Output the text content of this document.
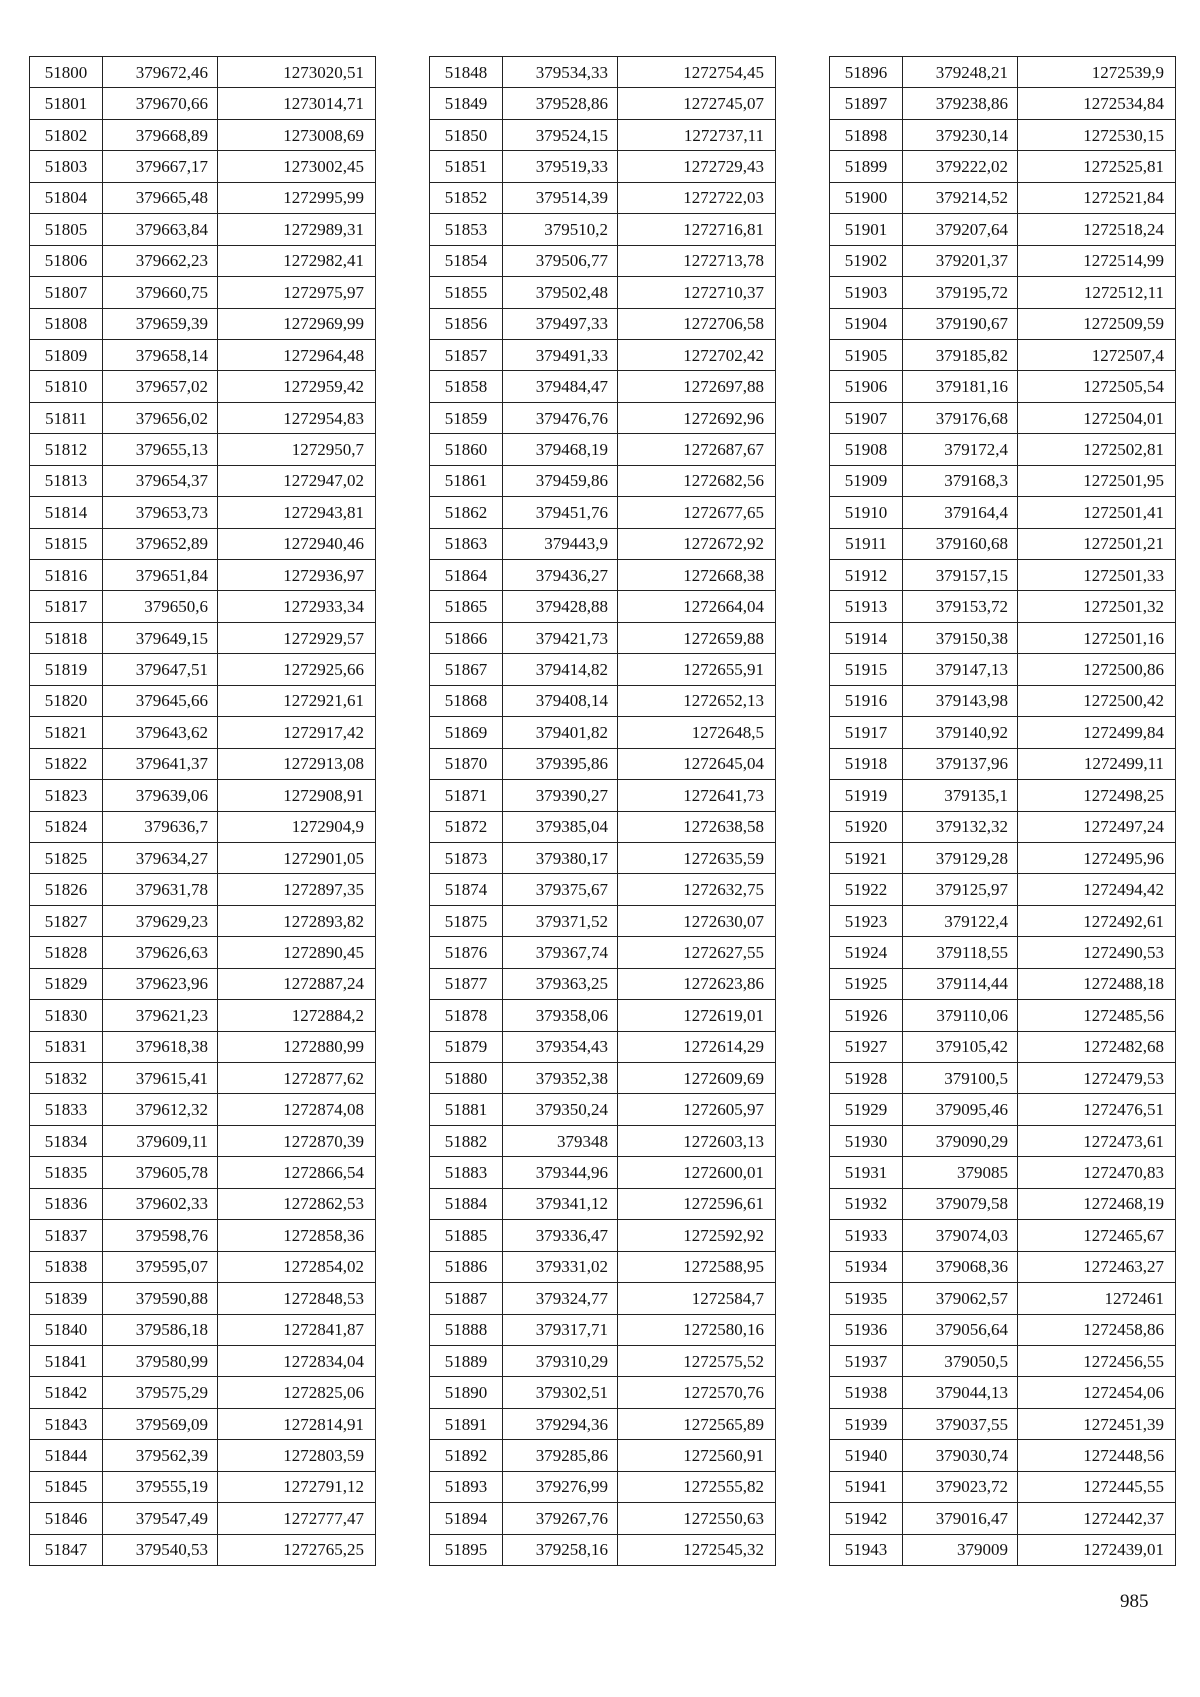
51800	379672,46	1273020,51
51801	379670,66	1273014,71
51802	379668,89	1273008,69
51803	379667,17	1273002,45
51804	379665,48	1272995,99
51805	379663,84	1272989,31
51806	379662,23	1272982,41
51807	379660,75	1272975,97
51808	379659,39	1272969,99
51809	379658,14	1272964,48
51810	379657,02	1272959,42
51811	379656,02	1272954,83
51812	379655,13	1272950,7
51813	379654,37	1272947,02
51814	379653,73	1272943,81
51815	379652,89	1272940,46
51816	379651,84	1272936,97
51817	379650,6	1272933,34
51818	379649,15	1272929,57
51819	379647,51	1272925,66
51820	379645,66	1272921,61
51821	379643,62	1272917,42
51822	379641,37	1272913,08
51823	379639,06	1272908,91
51824	379636,7	1272904,9
51825	379634,27	1272901,05
51826	379631,78	1272897,35
51827	379629,23	1272893,82
51828	379626,63	1272890,45
51829	379623,96	1272887,24
51830	379621,23	1272884,2
51831	379618,38	1272880,99
51832	379615,41	1272877,62
51833	379612,32	1272874,08
51834	379609,11	1272870,39
51835	379605,78	1272866,54
51836	379602,33	1272862,53
51837	379598,76	1272858,36
51838	379595,07	1272854,02
51839	379590,88	1272848,53
51840	379586,18	1272841,87
51841	379580,99	1272834,04
51842	379575,29	1272825,06
51843	379569,09	1272814,91
51844	379562,39	1272803,59
51845	379555,19	1272791,12
51846	379547,49	1272777,47
51847	379540,53	1272765,25
51848	379534,33	1272754,45
51849	379528,86	1272745,07
51850	379524,15	1272737,11
51851	379519,33	1272729,43
51852	379514,39	1272722,03
51853	379510,2	1272716,81
51854	379506,77	1272713,78
51855	379502,48	1272710,37
51856	379497,33	1272706,58
51857	379491,33	1272702,42
51858	379484,47	1272697,88
51859	379476,76	1272692,96
51860	379468,19	1272687,67
51861	379459,86	1272682,56
51862	379451,76	1272677,65
51863	379443,9	1272672,92
51864	379436,27	1272668,38
51865	379428,88	1272664,04
51866	379421,73	1272659,88
51867	379414,82	1272655,91
51868	379408,14	1272652,13
51869	379401,82	1272648,5
51870	379395,86	1272645,04
51871	379390,27	1272641,73
51872	379385,04	1272638,58
51873	379380,17	1272635,59
51874	379375,67	1272632,75
51875	379371,52	1272630,07
51876	379367,74	1272627,55
51877	379363,25	1272623,86
51878	379358,06	1272619,01
51879	379354,43	1272614,29
51880	379352,38	1272609,69
51881	379350,24	1272605,97
51882	379348	1272603,13
51883	379344,96	1272600,01
51884	379341,12	1272596,61
51885	379336,47	1272592,92
51886	379331,02	1272588,95
51887	379324,77	1272584,7
51888	379317,71	1272580,16
51889	379310,29	1272575,52
51890	379302,51	1272570,76
51891	379294,36	1272565,89
51892	379285,86	1272560,91
51893	379276,99	1272555,82
51894	379267,76	1272550,63
51895	379258,16	1272545,32
51896	379248,21	1272539,9
51897	379238,86	1272534,84
51898	379230,14	1272530,15
51899	379222,02	1272525,81
51900	379214,52	1272521,84
51901	379207,64	1272518,24
51902	379201,37	1272514,99
51903	379195,72	1272512,11
51904	379190,67	1272509,59
51905	379185,82	1272507,4
51906	379181,16	1272505,54
51907	379176,68	1272504,01
51908	379172,4	1272502,81
51909	379168,3	1272501,95
51910	379164,4	1272501,41
51911	379160,68	1272501,21
51912	379157,15	1272501,33
51913	379153,72	1272501,32
51914	379150,38	1272501,16
51915	379147,13	1272500,86
51916	379143,98	1272500,42
51917	379140,92	1272499,84
51918	379137,96	1272499,11
51919	379135,1	1272498,25
51920	379132,32	1272497,24
51921	379129,28	1272495,96
51922	379125,97	1272494,42
51923	379122,4	1272492,61
51924	379118,55	1272490,53
51925	379114,44	1272488,18
51926	379110,06	1272485,56
51927	379105,42	1272482,68
51928	379100,5	1272479,53
51929	379095,46	1272476,51
51930	379090,29	1272473,61
51931	379085	1272470,83
51932	379079,58	1272468,19
51933	379074,03	1272465,67
51934	379068,36	1272463,27
51935	379062,57	1272461
51936	379056,64	1272458,86
51937	379050,5	1272456,55
51938	379044,13	1272454,06
51939	379037,55	1272451,39
51940	379030,74	1272448,56
51941	379023,72	1272445,55
51942	379016,47	1272442,37
51943	379009	1272439,01
985
